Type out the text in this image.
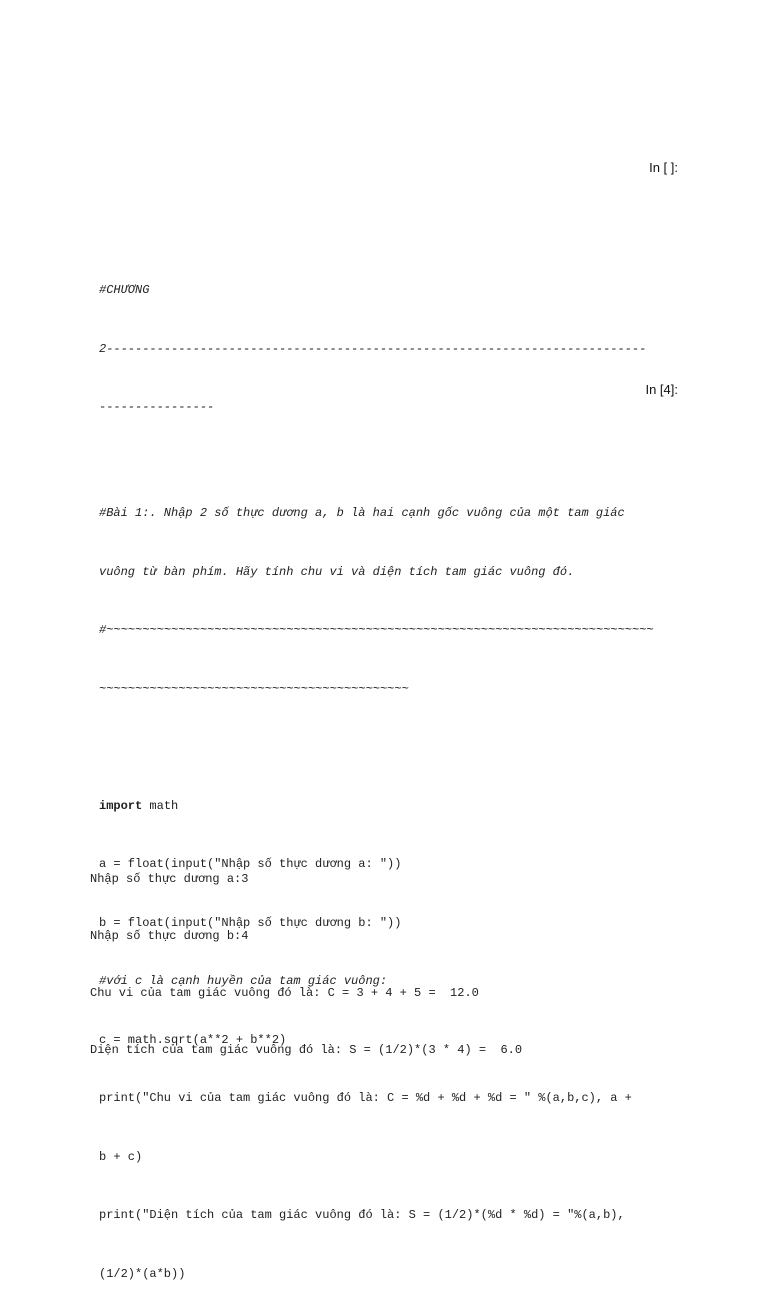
In [ ]:

#CHƯƠNG

2---------------------------------------------------------------------------

----------------

In [4]:

#Bài 1:. Nhập 2 số thực dương a, b là hai cạnh gốc vuông của một tam giác

vuông từ bàn phím. Hãy tính chu vi và diện tích tam giác vuông đó.

#~~~~~~~~~~~~~~~~~~~~~~~~~~~~~~~~~~~~~~~~~~~~~~~~~~~~~~~~~~~~~~~~~~~~~~~~~~~~

~~~~~~~~~~~~~~~~~~~~~~~~~~~~~~~~~~~~~~~~~~~

import math

a = float(input("Nhập số thực dương a: "))

b = float(input("Nhập số thực dương b: "))

#với c là cạnh huyền của tam giác vuông:

c = math.sqrt(a**2 + b**2)

print("Chu vi của tam giác vuông đó là: C = %d + %d + %d = " %(a,b,c), a +

b + c)

print("Diện tích của tam giác vuông đó là: S = (1/2)*(%d * %d) = "%(a,b),

(1/2)*(a*b))

Nhập số thực dương a:3

Nhập số thực dương b:4

Chu vi của tam giác vuông đó là: C = 3 + 4 + 5 =  12.0

Diện tích của tam giác vuông đó là: S = (1/2)*(3 * 4) =  6.0
